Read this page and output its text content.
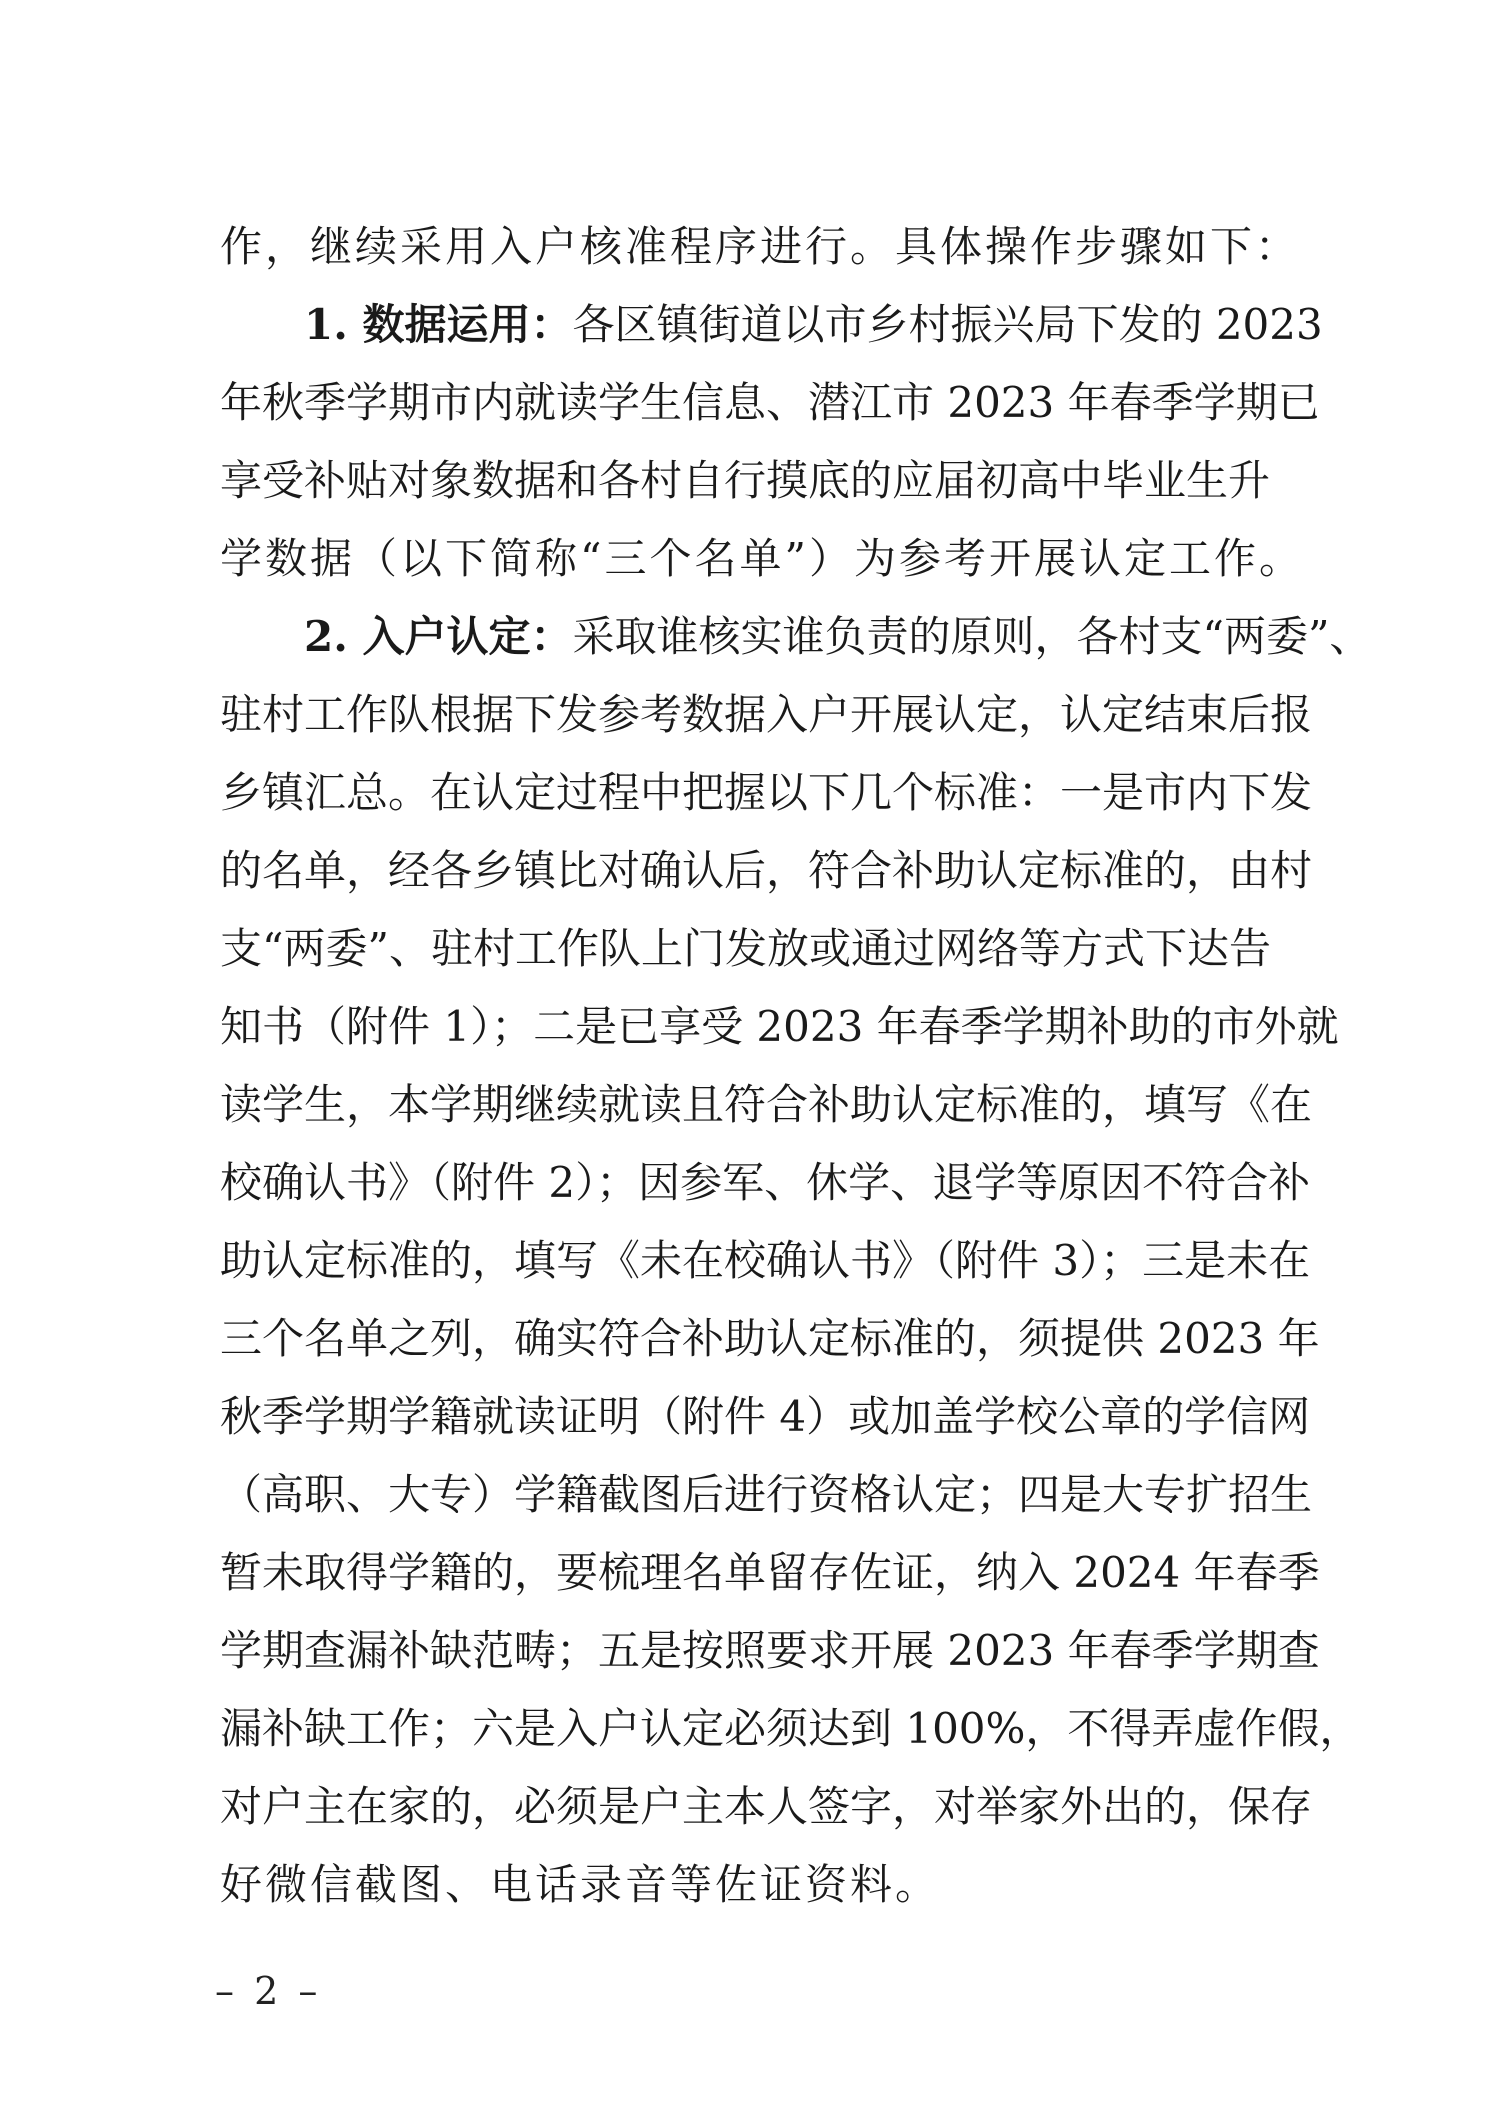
作，继续采用入户核准程序进行。具体操作步骤如下：
1. 数据运用：各区镇街道以市乡村振兴局下发的 2023
年秋季学期市内就读学生信息、潜江市 2023 年春季学期已
享受补贴对象数据和各村自行摸底的应届初高中毕业生升
学数据（以下简称“三个名单”）为参考开展认定工作。
2. 入户认定：采取谁核实谁负责的原则，各村支“两委”、
驻村工作队根据下发参考数据入户开展认定，认定结束后报
乡镇汇总。在认定过程中把握以下几个标准：一是市内下发
的名单，经各乡镇比对确认后，符合补助认定标准的，由村
支“两委”、驻村工作队上门发放或通过网络等方式下达告
知书（附件 1）；二是已享受 2023 年春季学期补助的市外就
读学生，本学期继续就读且符合补助认定标准的，填写《在
校确认书》（附件 2）；因参军、休学、退学等原因不符合补
助认定标准的，填写《未在校确认书》（附件 3）；三是未在
三个名单之列，确实符合补助认定标准的，须提供 2023 年
秋季学期学籍就读证明（附件 4）或加盖学校公章的学信网
（高职、大专）学籍截图后进行资格认定；四是大专扩招生
暂未取得学籍的，要梳理名单留存佐证，纳入 2024 年春季
学期查漏补缺范畴；五是按照要求开展 2023 年春季学期查
漏补缺工作；六是入户认定必须达到 100%，不得弄虚作假，
对户主在家的，必须是户主本人签字，对举家外出的，保存
好微信截图、电话录音等佐证资料。
– 2 –
